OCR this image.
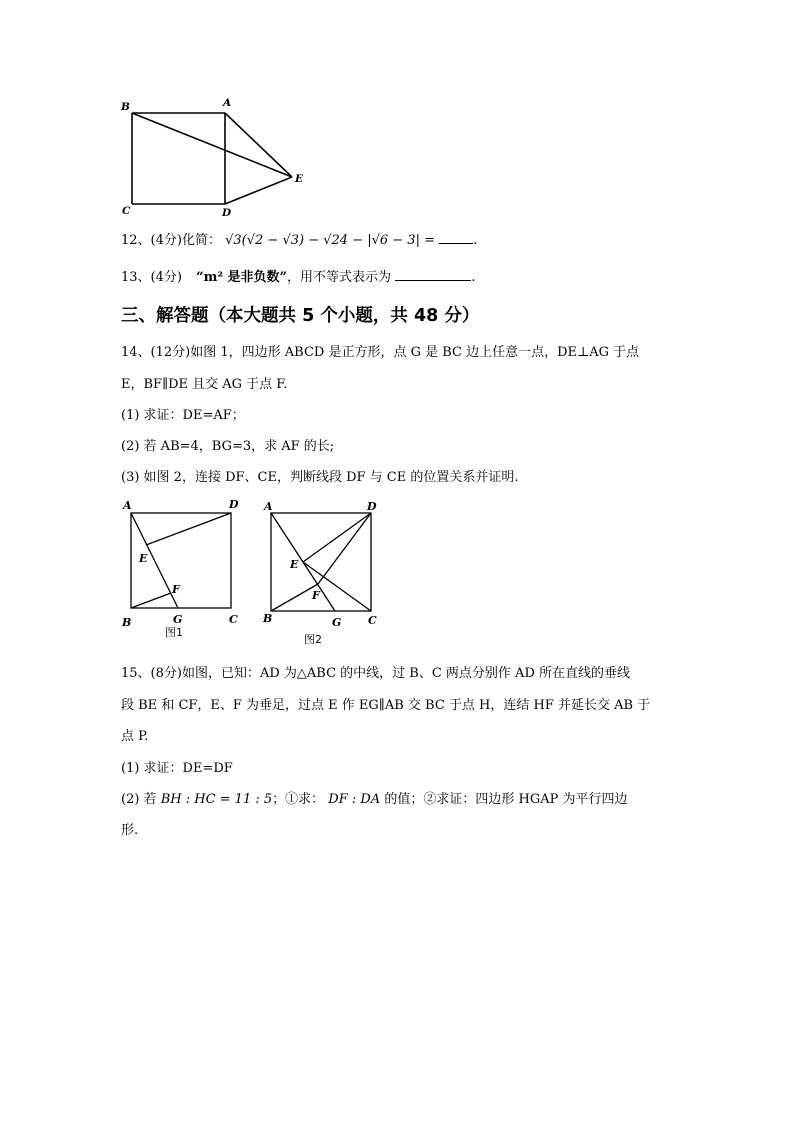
B	A
E
C	D
12、(4分)化简： √3(√2 − √3) − √24 − |√6 − 3| =	.
13、(4分) “m² 是非负数”，用不等式表示为	.
三、解答题（本大题共 5 个小题，共 48 分）
14、(12分)如图 1，四边形 ABCD 是正方形，点 G 是 BC 边上任意一点，DE⊥AG 于点
E，BF∥DE 且交 AG 于点 F.
(1) 求证：DE=AF；
(2) 若 AB=4，BG=3，求 AF 的长;
(3) 如图 2，连接 DF、CE，判断线段 DF 与 CE 的位置关系并证明.
A	D
E
F
B	G	C
图1
A	D
E
F
B	G C
图2
15、(8分)如图，已知：AD 为△ABC 的中线，过 B、C 两点分别作 AD 所在直线的垂线
段 BE 和 CF，E、F 为垂足，过点 E 作 EG∥AB 交 BC 于点 H，连结 HF 并延长交 AB 于
点 P.
(1) 求证：DE=DF
(2) 若 BH : HC = 11 : 5；①求： DF : DA 的值；②求证：四边形 HGAP 为平行四边
形.
